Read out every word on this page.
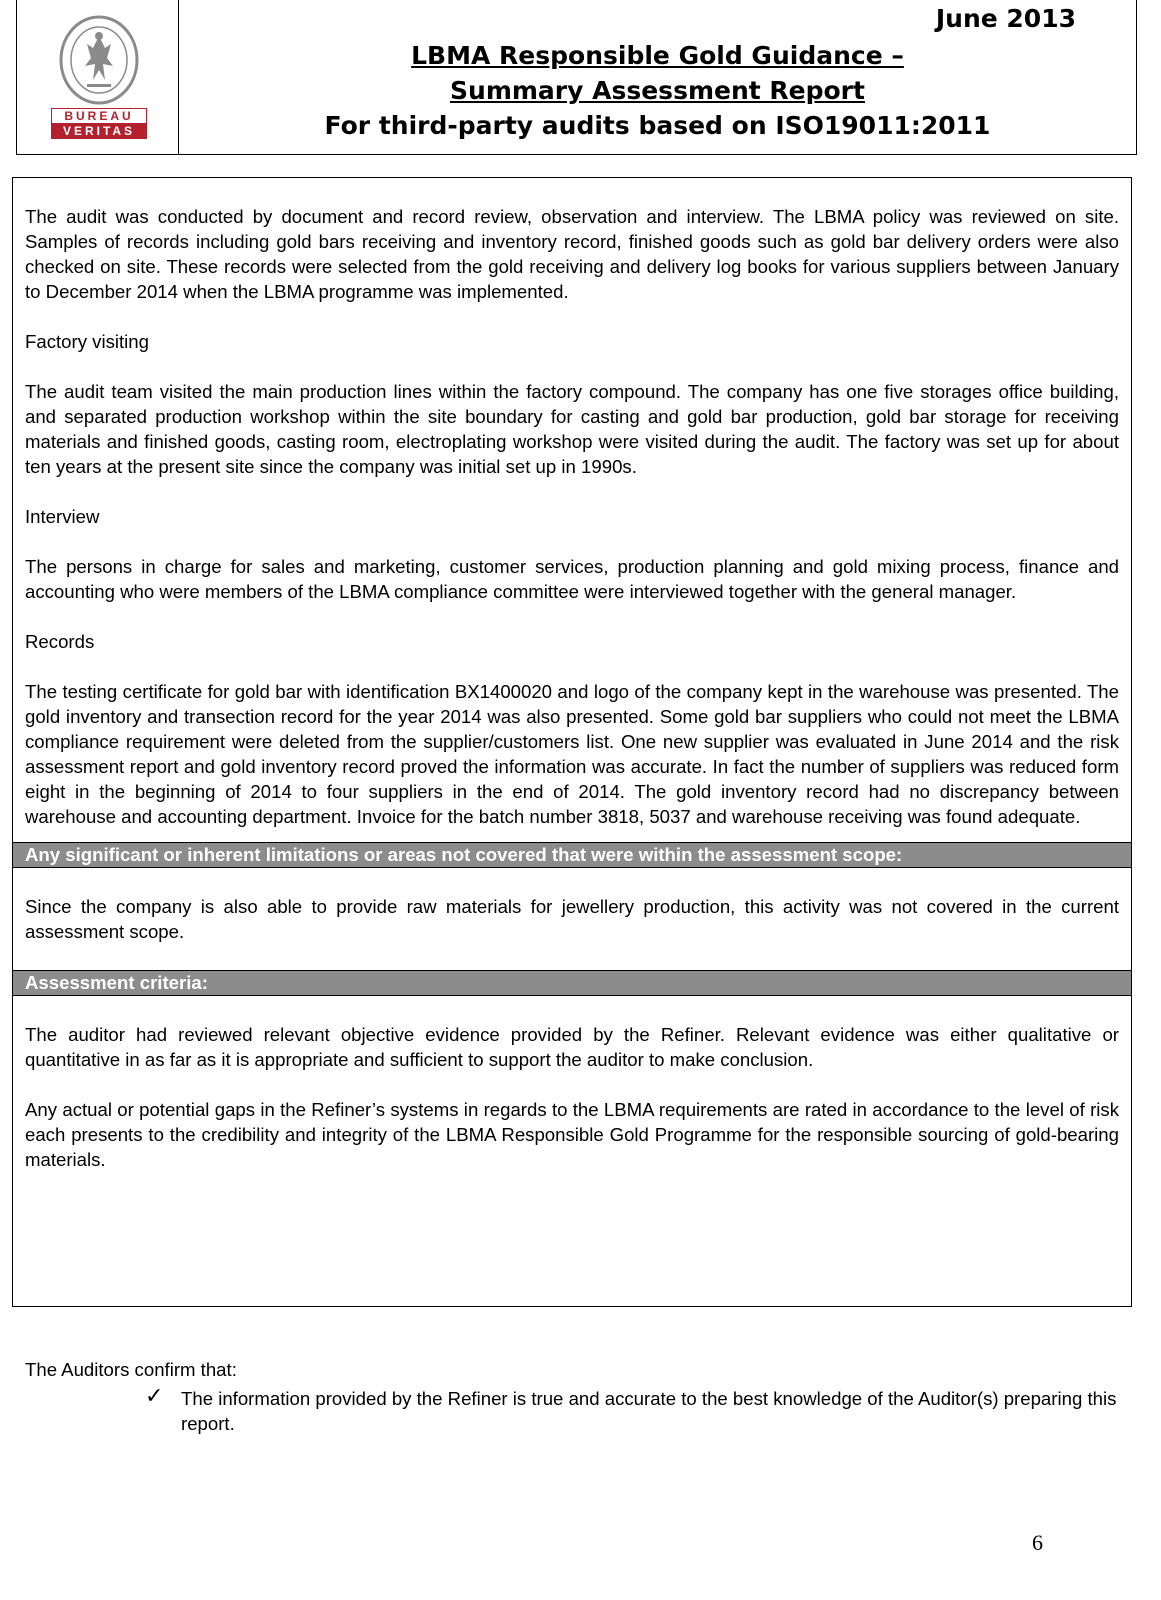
BUREAU
VERITAS
June 2013
LBMA Responsible Gold Guidance –
Summary Assessment Report
For third-party audits based on ISO19011:2011

The audit was conducted by document and record review, observation and interview. The LBMA policy was reviewed on site. Samples of records including gold bars receiving and inventory record, finished goods such as gold bar delivery orders were also checked on site. These records were selected from the gold receiving and delivery log books for various suppliers between January to December 2014 when the LBMA programme was implemented.

Factory visiting

The audit team visited the main production lines within the factory compound. The company has one five storages office building, and separated production workshop within the site boundary for casting and gold bar production, gold bar storage for receiving materials and finished goods, casting room, electroplating workshop were visited during the audit. The factory was set up for about ten years at the present site since the company was initial set up in 1990s.

Interview

The persons in charge for sales and marketing, customer services, production planning and gold mixing process, finance and accounting who were members of the LBMA compliance committee were interviewed together with the general manager.

Records

The testing certificate for gold bar with identification BX1400020 and logo of the company kept in the warehouse was presented. The gold inventory and transection record for the year 2014 was also presented. Some gold bar suppliers who could not meet the LBMA compliance requirement were deleted from the supplier/customers list. One new supplier was evaluated in June 2014 and the risk assessment report and gold inventory record proved the information was accurate. In fact the number of suppliers was reduced form eight in the beginning of 2014 to four suppliers in the end of 2014. The gold inventory record had no discrepancy between warehouse and accounting department. Invoice for the batch number 3818, 5037 and warehouse receiving was found adequate.

Any significant or inherent limitations or areas not covered that were within the assessment scope:

Since the company is also able to provide raw materials for jewellery production, this activity was not covered in the current assessment scope.

Assessment criteria:

The auditor had reviewed relevant objective evidence provided by the Refiner. Relevant evidence was either qualitative or quantitative in as far as it is appropriate and sufficient to support the auditor to make conclusion.

Any actual or potential gaps in the Refiner’s systems in regards to the LBMA requirements are rated in accordance to the level of risk each presents to the credibility and integrity of the LBMA Responsible Gold Programme for the responsible sourcing of gold-bearing materials.

The Auditors confirm that:
✓ The information provided by the Refiner is true and accurate to the best knowledge of the Auditor(s) preparing this report.
6
